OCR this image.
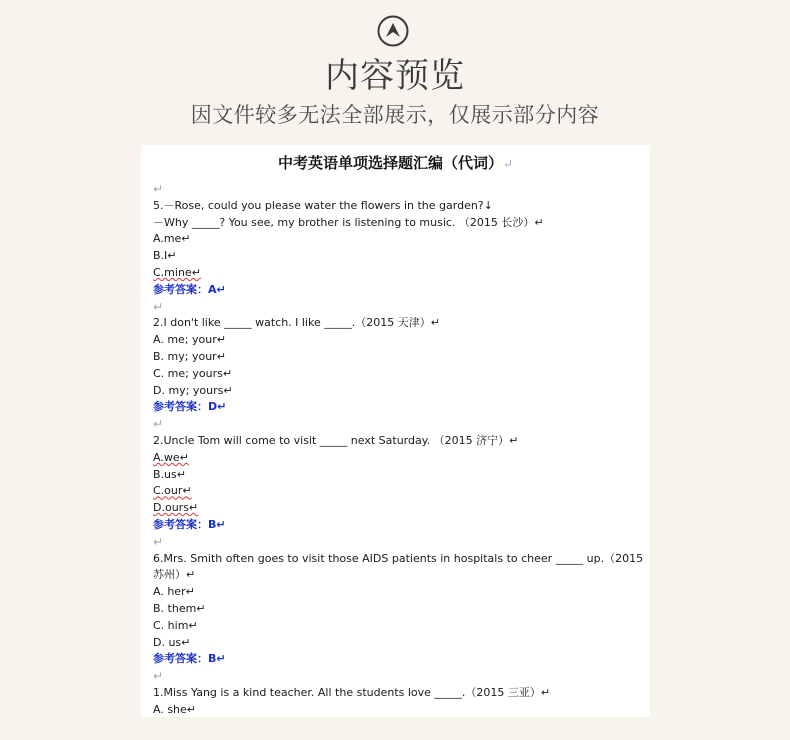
内容预览
因文件较多无法全部展示，仅展示部分内容
中考英语单项选择题汇编（代词）↵
↵
5.－Rose, could you please water the flowers in the garden?↓
－Why _____? You see, my brother is listening to music. （2015 长沙）↵
A.me↵
B.I↵
C.mine↵
参考答案：A↵
↵
2.I don't like _____ watch. I like _____.（2015 天津）↵
A. me; your↵
B. my; your↵
C. me; yours↵
D. my; yours↵
参考答案：D↵
↵
2.Uncle Tom will come to visit _____ next Saturday. （2015 济宁）↵
A.we↵
B.us↵
C.our↵
D.ours↵
参考答案：B↵
↵
6.Mrs. Smith often goes to visit those AIDS patients in hospitals to cheer _____ up.（2015
苏州）↵
A. her↵
B. them↵
C. him↵
D. us↵
参考答案：B↵
↵
1.Miss Yang is a kind teacher. All the students love _____.（2015 三亚）↵
A. she↵
